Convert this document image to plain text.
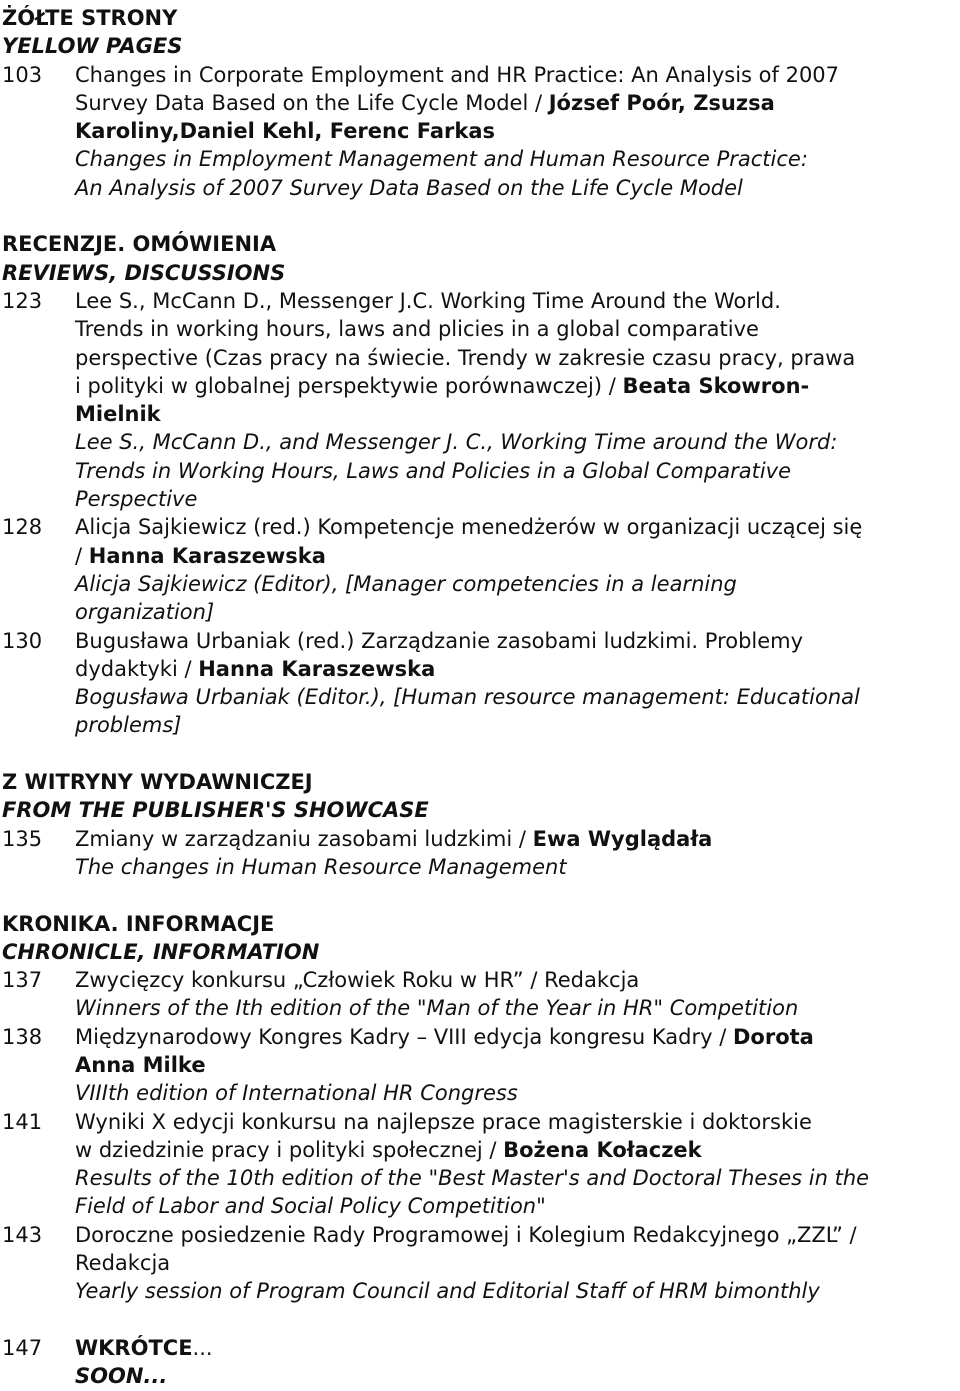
ŻÓŁTE STRONY
YELLOW PAGES
103	Changes in Corporate Employment and HR Practice: An Analysis of 2007
Survey Data Based on the Life Cycle Model / József Poór, Zsuzsa
Karoliny,Daniel Kehl, Ferenc Farkas
Changes in Employment Management and Human Resource Practice:
An Analysis of 2007 Survey Data Based on the Life Cycle Model
RECENZJE. OMÓWIENIA
REVIEWS, DISCUSSIONS
123	Lee S., McCann D., Messenger J.C. Working Time Around the World.
Trends in working hours, laws and plicies in a global comparative
perspective (Czas pracy na świecie. Trendy w zakresie czasu pracy, prawa
i polityki w globalnej perspektywie porównawczej) / Beata Skowron-
Mielnik
Lee S., McCann D., and Messenger J. C., Working Time around the Word:
Trends in Working Hours, Laws and Policies in a Global Comparative
Perspective
128	Alicja Sajkiewicz (red.) Kompetencje menedżerów w organizacji uczącej się
/ Hanna Karaszewska
Alicja Sajkiewicz (Editor), [Manager competencies in a learning
organization]
130	Bugusława Urbaniak (red.) Zarządzanie zasobami ludzkimi. Problemy
dydaktyki / Hanna Karaszewska
Bogusława Urbaniak (Editor.), [Human resource management: Educational
problems]
Z WITRYNY WYDAWNICZEJ
FROM THE PUBLISHER'S SHOWCASE
135	Zmiany w zarządzaniu zasobami ludzkimi / Ewa Wyglądała
The changes in Human Resource Management
KRONIKA. INFORMACJE
CHRONICLE, INFORMATION
137	Zwycięzcy konkursu „Człowiek Roku w HR” / Redakcja
Winners of the Ith edition of the "Man of the Year in HR" Competition
138	Międzynarodowy Kongres Kadry – VIII edycja kongresu Kadry / Dorota
Anna Milke
VIIIth edition of International HR Congress
141	Wyniki X edycji konkursu na najlepsze prace magisterskie i doktorskie
w dziedzinie pracy i polityki społecznej / Bożena Kołaczek
Results of the 10th edition of the "Best Master's and Doctoral Theses in the
Field of Labor and Social Policy Competition"
143	Doroczne posiedzenie Rady Programowej i Kolegium Redakcyjnego „ZZL” /
Redakcja
Yearly session of Program Council and Editorial Staff of HRM bimonthly
147	WKRÓTCE...
SOON...
